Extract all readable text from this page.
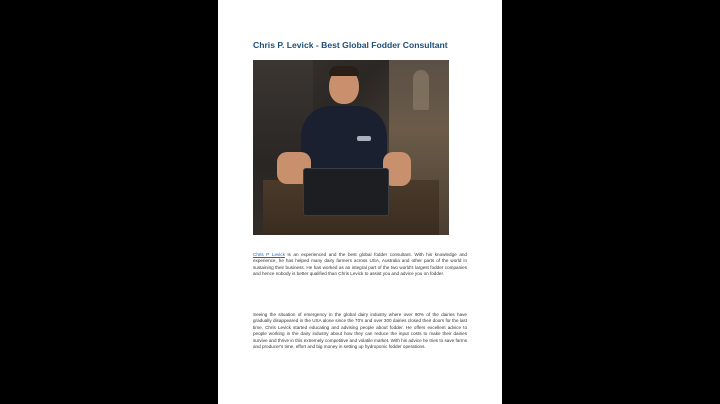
Chris P. Levick - Best Global Fodder Consultant

Chris P Levick is an experienced and the best global fodder consultant. With his knowledge and experience, he has helped many dairy farmers across USA, Australia and other parts of the world in sustaining their business. He has worked as an integral part of the two world's largest fodder companies and hence nobody is better qualified than Chris Levick to assist you and advice you on fodder.

Seeing the situation of emergency in the global dairy industry where over 90% of the dairies have gradually disappeared in the USA alone since the 70's and over 300 dairies closed their doors for the last time, Chris Levick started educating and advising people about fodder. He offers excellent advice to people working in the dairy industry about how they can reduce the input costs to make their dairies survive and thrive in this extremely competitive and volatile market. With his advice he tries to save farms and producer's time, effort and big money in setting up hydroponic fodder operations.
